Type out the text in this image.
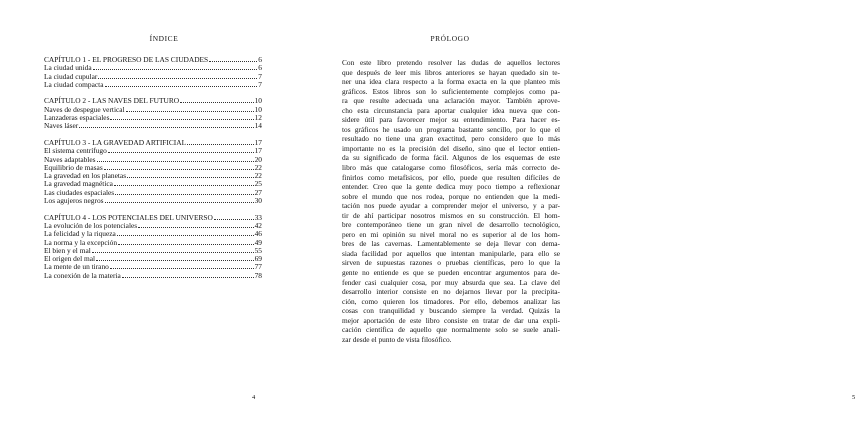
ÍNDICE
CAPÍTULO 1 - EL PROGRESO DE LAS CIUDADES	6
La ciudad unida	6
La ciudad cupular	7
La ciudad compacta	7
CAPÍTULO 2 - LAS NAVES DEL FUTURO	10
Naves de despegue vertical	10
Lanzaderas espaciales	12
Naves láser	14
CAPÍTULO 3 - LA GRAVEDAD ARTIFICIAL	17
El sistema centrífugo	17
Naves adaptables	20
Equilibrio de masas	22
La gravedad en los planetas	22
La gravedad magnética	25
Las ciudades espaciales	27
Los agujeros negros	30
CAPÍTULO 4 - LOS POTENCIALES DEL UNIVERSO	33
La evolución de los potenciales	42
La felicidad y la riqueza	46
La norma y la excepción	49
El bien y el mal	55
El origen del mal	69
La mente de un tirano	77
La conexión de la materia	78
4
PRÓLOGO
5
Con este libro pretendo resolver las dudas de aquellos lectores
que después de leer mis libros anteriores se hayan quedado sin te-
ner una idea clara respecto a la forma exacta en la que planteo mis
gráficos. Estos libros son lo suficientemente complejos como pa-
ra que resulte adecuada una aclaración mayor. También aprove-
cho esta circunstancia para aportar cualquier idea nueva que con-
sidere útil para favorecer mejor su entendimiento. Para hacer es-
tos gráficos he usado un programa bastante sencillo, por lo que el
resultado no tiene una gran exactitud, pero considero que lo más
importante no es la precisión del diseño, sino que el lector entien-
da su significado de forma fácil. Algunos de los esquemas de este
libro más que catalogarse como filosóficos, sería más correcto de-
finirlos como metafísicos, por ello, puede que resulten difíciles de
entender. Creo que la gente dedica muy poco tiempo a reflexionar
sobre el mundo que nos rodea, porque no entienden que la medi-
tación nos puede ayudar a comprender mejor el universo, y a par-
tir de ahí participar nosotros mismos en su construcción. El hom-
bre contemporáneo tiene un gran nivel de desarrollo tecnológico,
pero en mi opinión su nivel moral no es superior al de los hom-
bres de las cavernas. Lamentablemente se deja llevar con dema-
siada facilidad por aquellos que intentan manipularle, para ello se
sirven de supuestas razones o pruebas científicas, pero lo que la
gente no entiende es que se pueden encontrar argumentos para de-
fender casi cualquier cosa, por muy absurda que sea. La clave del
desarrollo interior consiste en no dejarnos llevar por la precipita-
ción, como quieren los timadores. Por ello, debemos analizar las
cosas con tranquilidad y buscando siempre la verdad. Quizás la
mejor aportación de este libro consiste en tratar de dar una expli-
cación científica de aquello que normalmente solo se suele anali-
zar desde el punto de vista filosófico.
